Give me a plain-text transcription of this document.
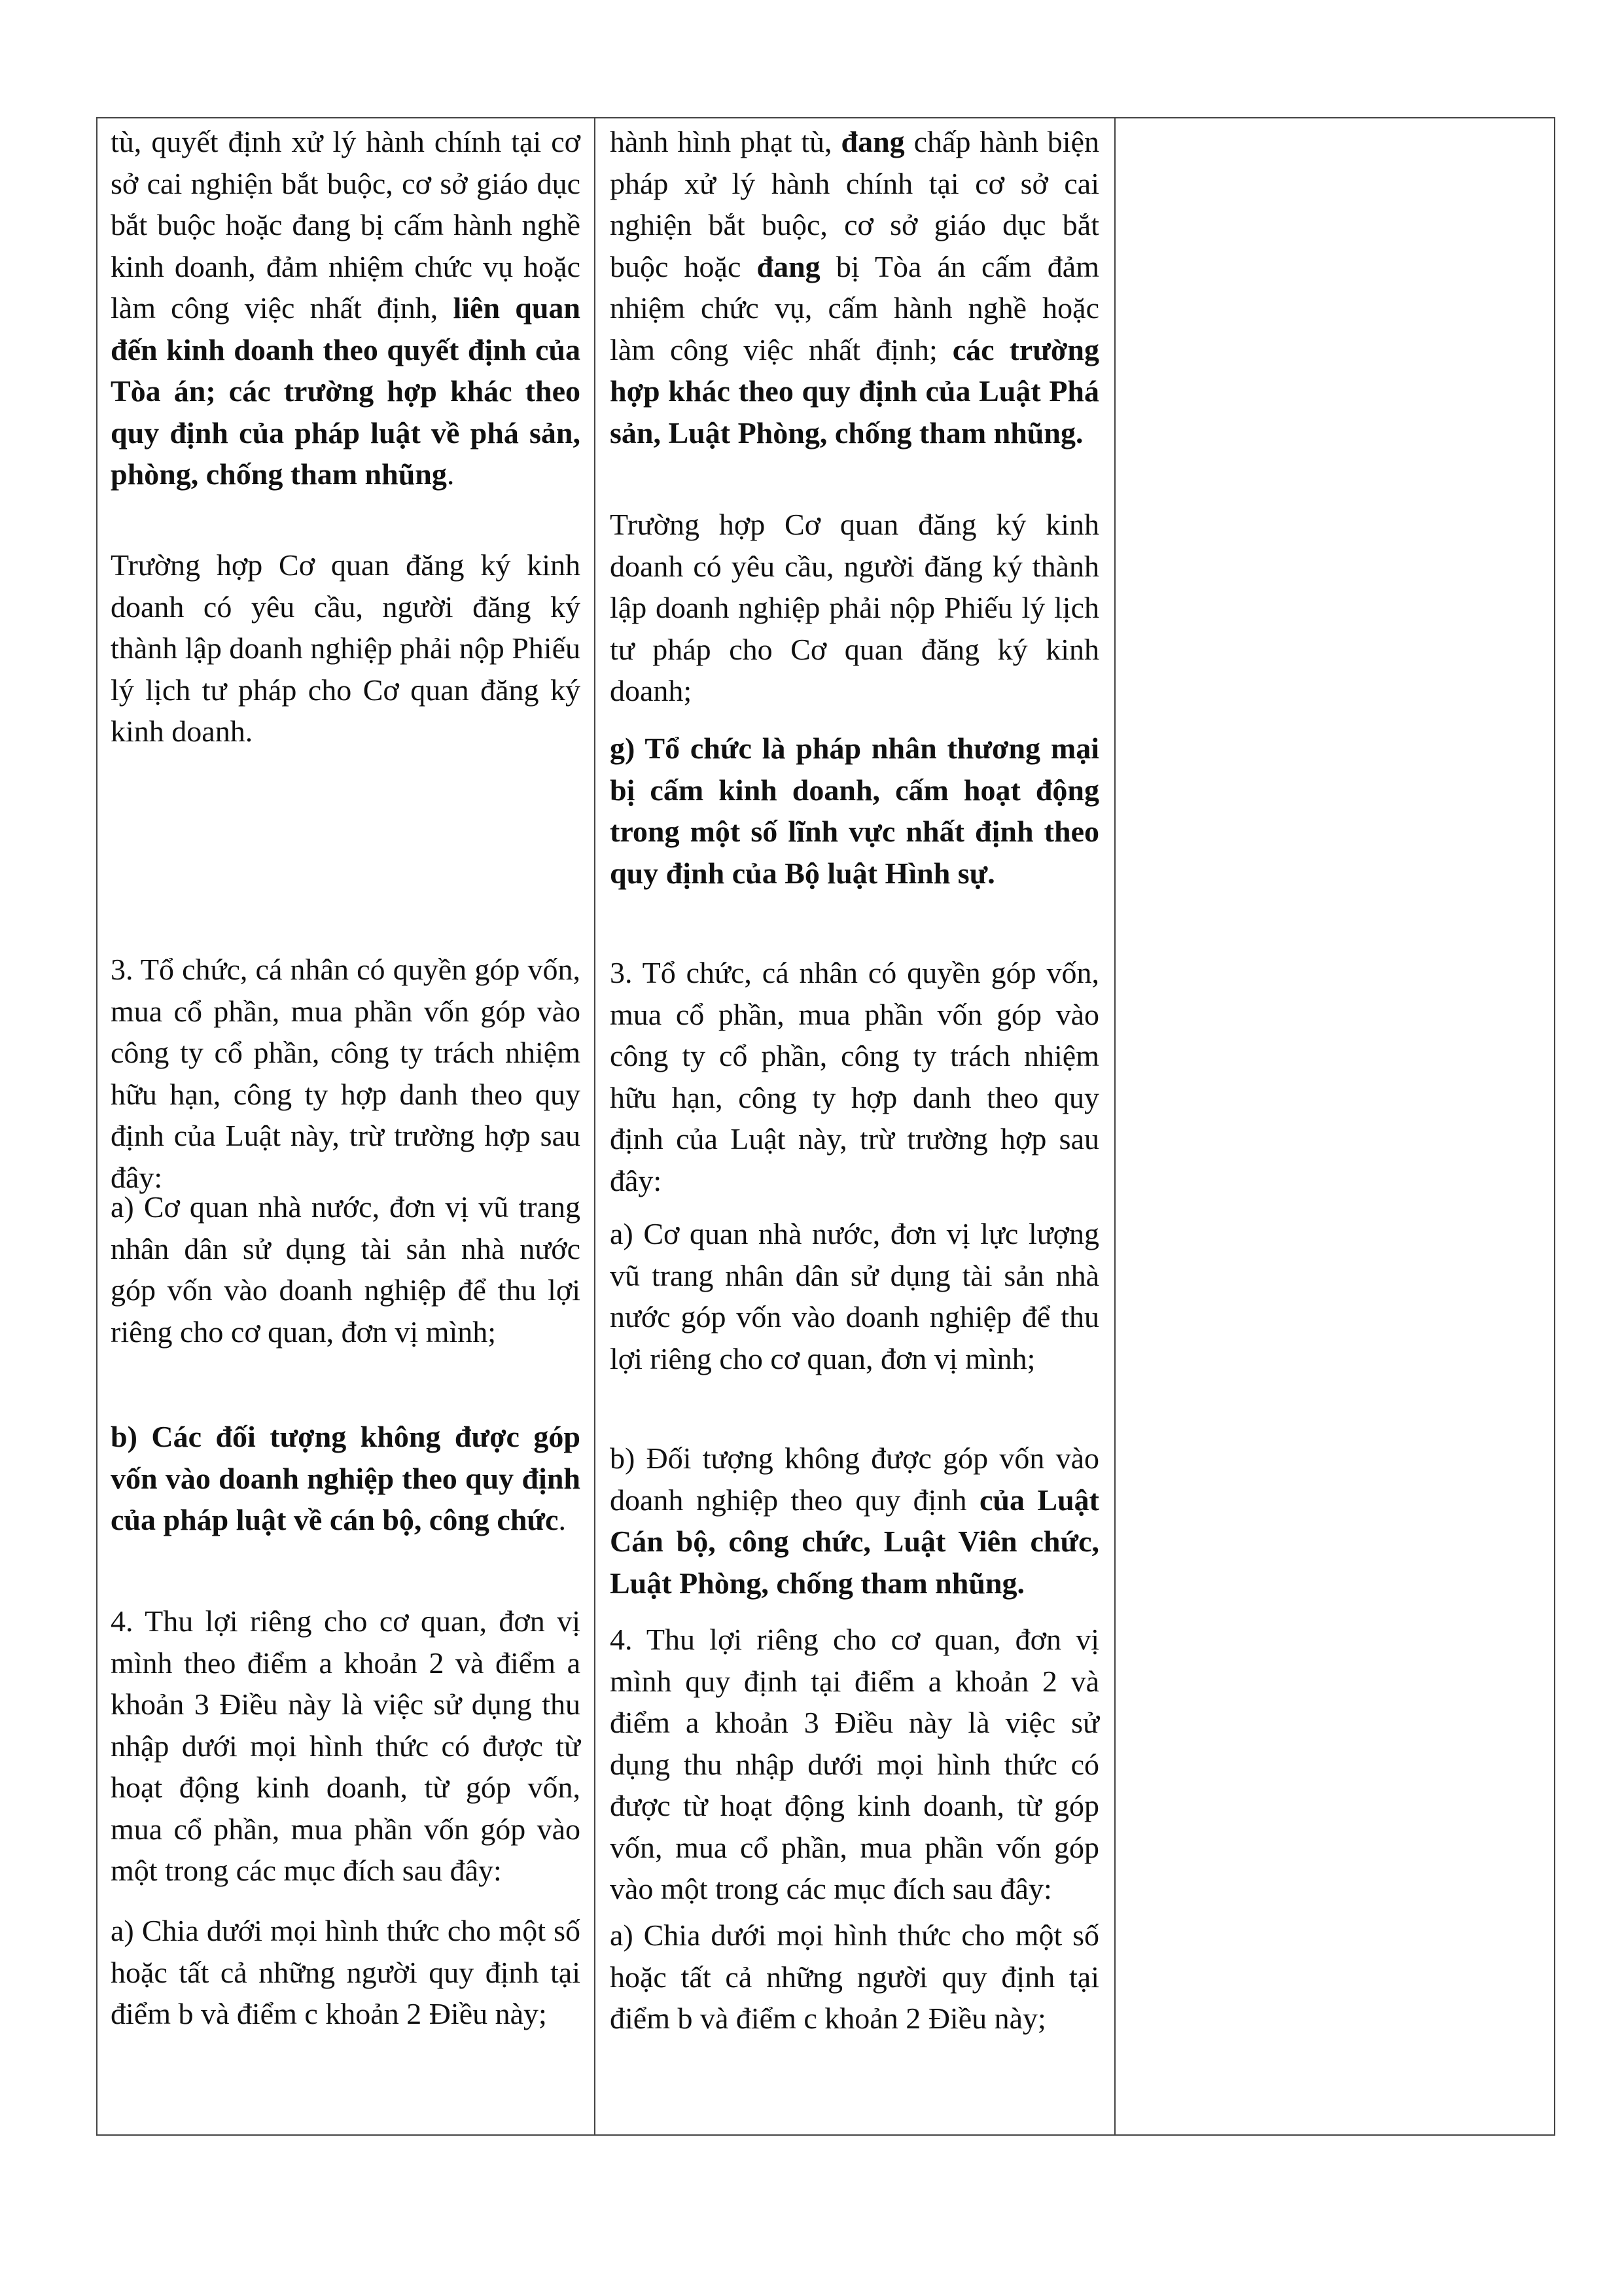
tù, quyết định xử lý hành chính tại cơ sở cai nghiện bắt buộc, cơ sở giáo dục bắt buộc hoặc đang bị cấm hành nghề kinh doanh, đảm nhiệm chức vụ hoặc làm công việc nhất định, liên quan đến kinh doanh theo quyết định của Tòa án; các trường hợp khác theo quy định của pháp luật về phá sản, phòng, chống tham nhũng.

Trường hợp Cơ quan đăng ký kinh doanh có yêu cầu, người đăng ký thành lập doanh nghiệp phải nộp Phiếu lý lịch tư pháp cho Cơ quan đăng ký kinh doanh.

3. Tổ chức, cá nhân có quyền góp vốn, mua cổ phần, mua phần vốn góp vào công ty cổ phần, công ty trách nhiệm hữu hạn, công ty hợp danh theo quy định của Luật này, trừ trường hợp sau đây:

a) Cơ quan nhà nước, đơn vị vũ trang nhân dân sử dụng tài sản nhà nước góp vốn vào doanh nghiệp để thu lợi riêng cho cơ quan, đơn vị mình;

b) Các đối tượng không được góp vốn vào doanh nghiệp theo quy định của pháp luật về cán bộ, công chức.

4. Thu lợi riêng cho cơ quan, đơn vị mình theo điểm a khoản 2 và điểm a khoản 3 Điều này là việc sử dụng thu nhập dưới mọi hình thức có được từ hoạt động kinh doanh, từ góp vốn, mua cổ phần, mua phần vốn góp vào một trong các mục đích sau đây:

a) Chia dưới mọi hình thức cho một số hoặc tất cả những người quy định tại điểm b và điểm c khoản 2 Điều này;

hành hình phạt tù, đang chấp hành biện pháp xử lý hành chính tại cơ sở cai nghiện bắt buộc, cơ sở giáo dục bắt buộc hoặc đang bị Tòa án cấm đảm nhiệm chức vụ, cấm hành nghề hoặc làm công việc nhất định; các trường hợp khác theo quy định của Luật Phá sản, Luật Phòng, chống tham nhũng.

Trường hợp Cơ quan đăng ký kinh doanh có yêu cầu, người đăng ký thành lập doanh nghiệp phải nộp Phiếu lý lịch tư pháp cho Cơ quan đăng ký kinh doanh;

g) Tổ chức là pháp nhân thương mại bị cấm kinh doanh, cấm hoạt động trong một số lĩnh vực nhất định theo quy định của Bộ luật Hình sự.

3. Tổ chức, cá nhân có quyền góp vốn, mua cổ phần, mua phần vốn góp vào công ty cổ phần, công ty trách nhiệm hữu hạn, công ty hợp danh theo quy định của Luật này, trừ trường hợp sau đây:

a) Cơ quan nhà nước, đơn vị lực lượng vũ trang nhân dân sử dụng tài sản nhà nước góp vốn vào doanh nghiệp để thu lợi riêng cho cơ quan, đơn vị mình;

b) Đối tượng không được góp vốn vào doanh nghiệp theo quy định của Luật Cán bộ, công chức, Luật Viên chức, Luật Phòng, chống tham nhũng.

4. Thu lợi riêng cho cơ quan, đơn vị mình quy định tại điểm a khoản 2 và điểm a khoản 3 Điều này là việc sử dụng thu nhập dưới mọi hình thức có được từ hoạt động kinh doanh, từ góp vốn, mua cổ phần, mua phần vốn góp vào một trong các mục đích sau đây:

a) Chia dưới mọi hình thức cho một số hoặc tất cả những người quy định tại điểm b và điểm c khoản 2 Điều này;
